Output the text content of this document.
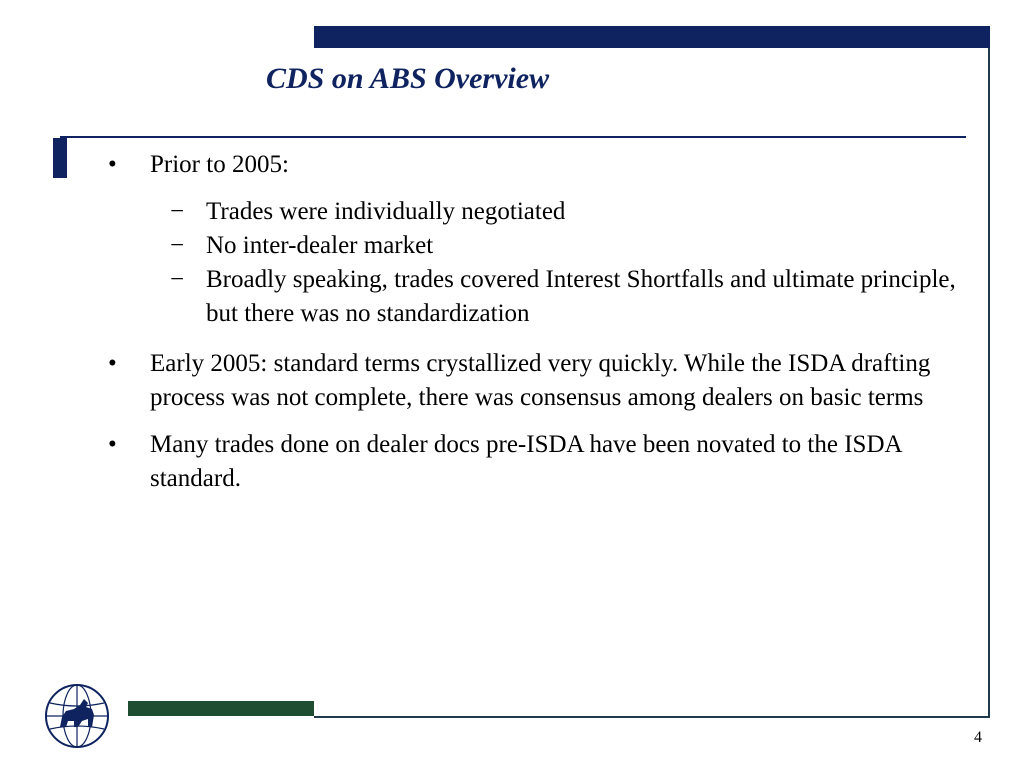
CDS on ABS Overview
•	Prior to 2005:
− Trades were individually negotiated
− No inter-dealer market
− Broadly speaking, trades covered Interest Shortfalls and ultimate principle, but there was no standardization
•	Early 2005: standard terms crystallized very quickly. While the ISDA drafting process was not complete, there was consensus among dealers on basic terms
•	Many trades done on dealer docs pre-ISDA have been novated to the ISDA standard.
4
